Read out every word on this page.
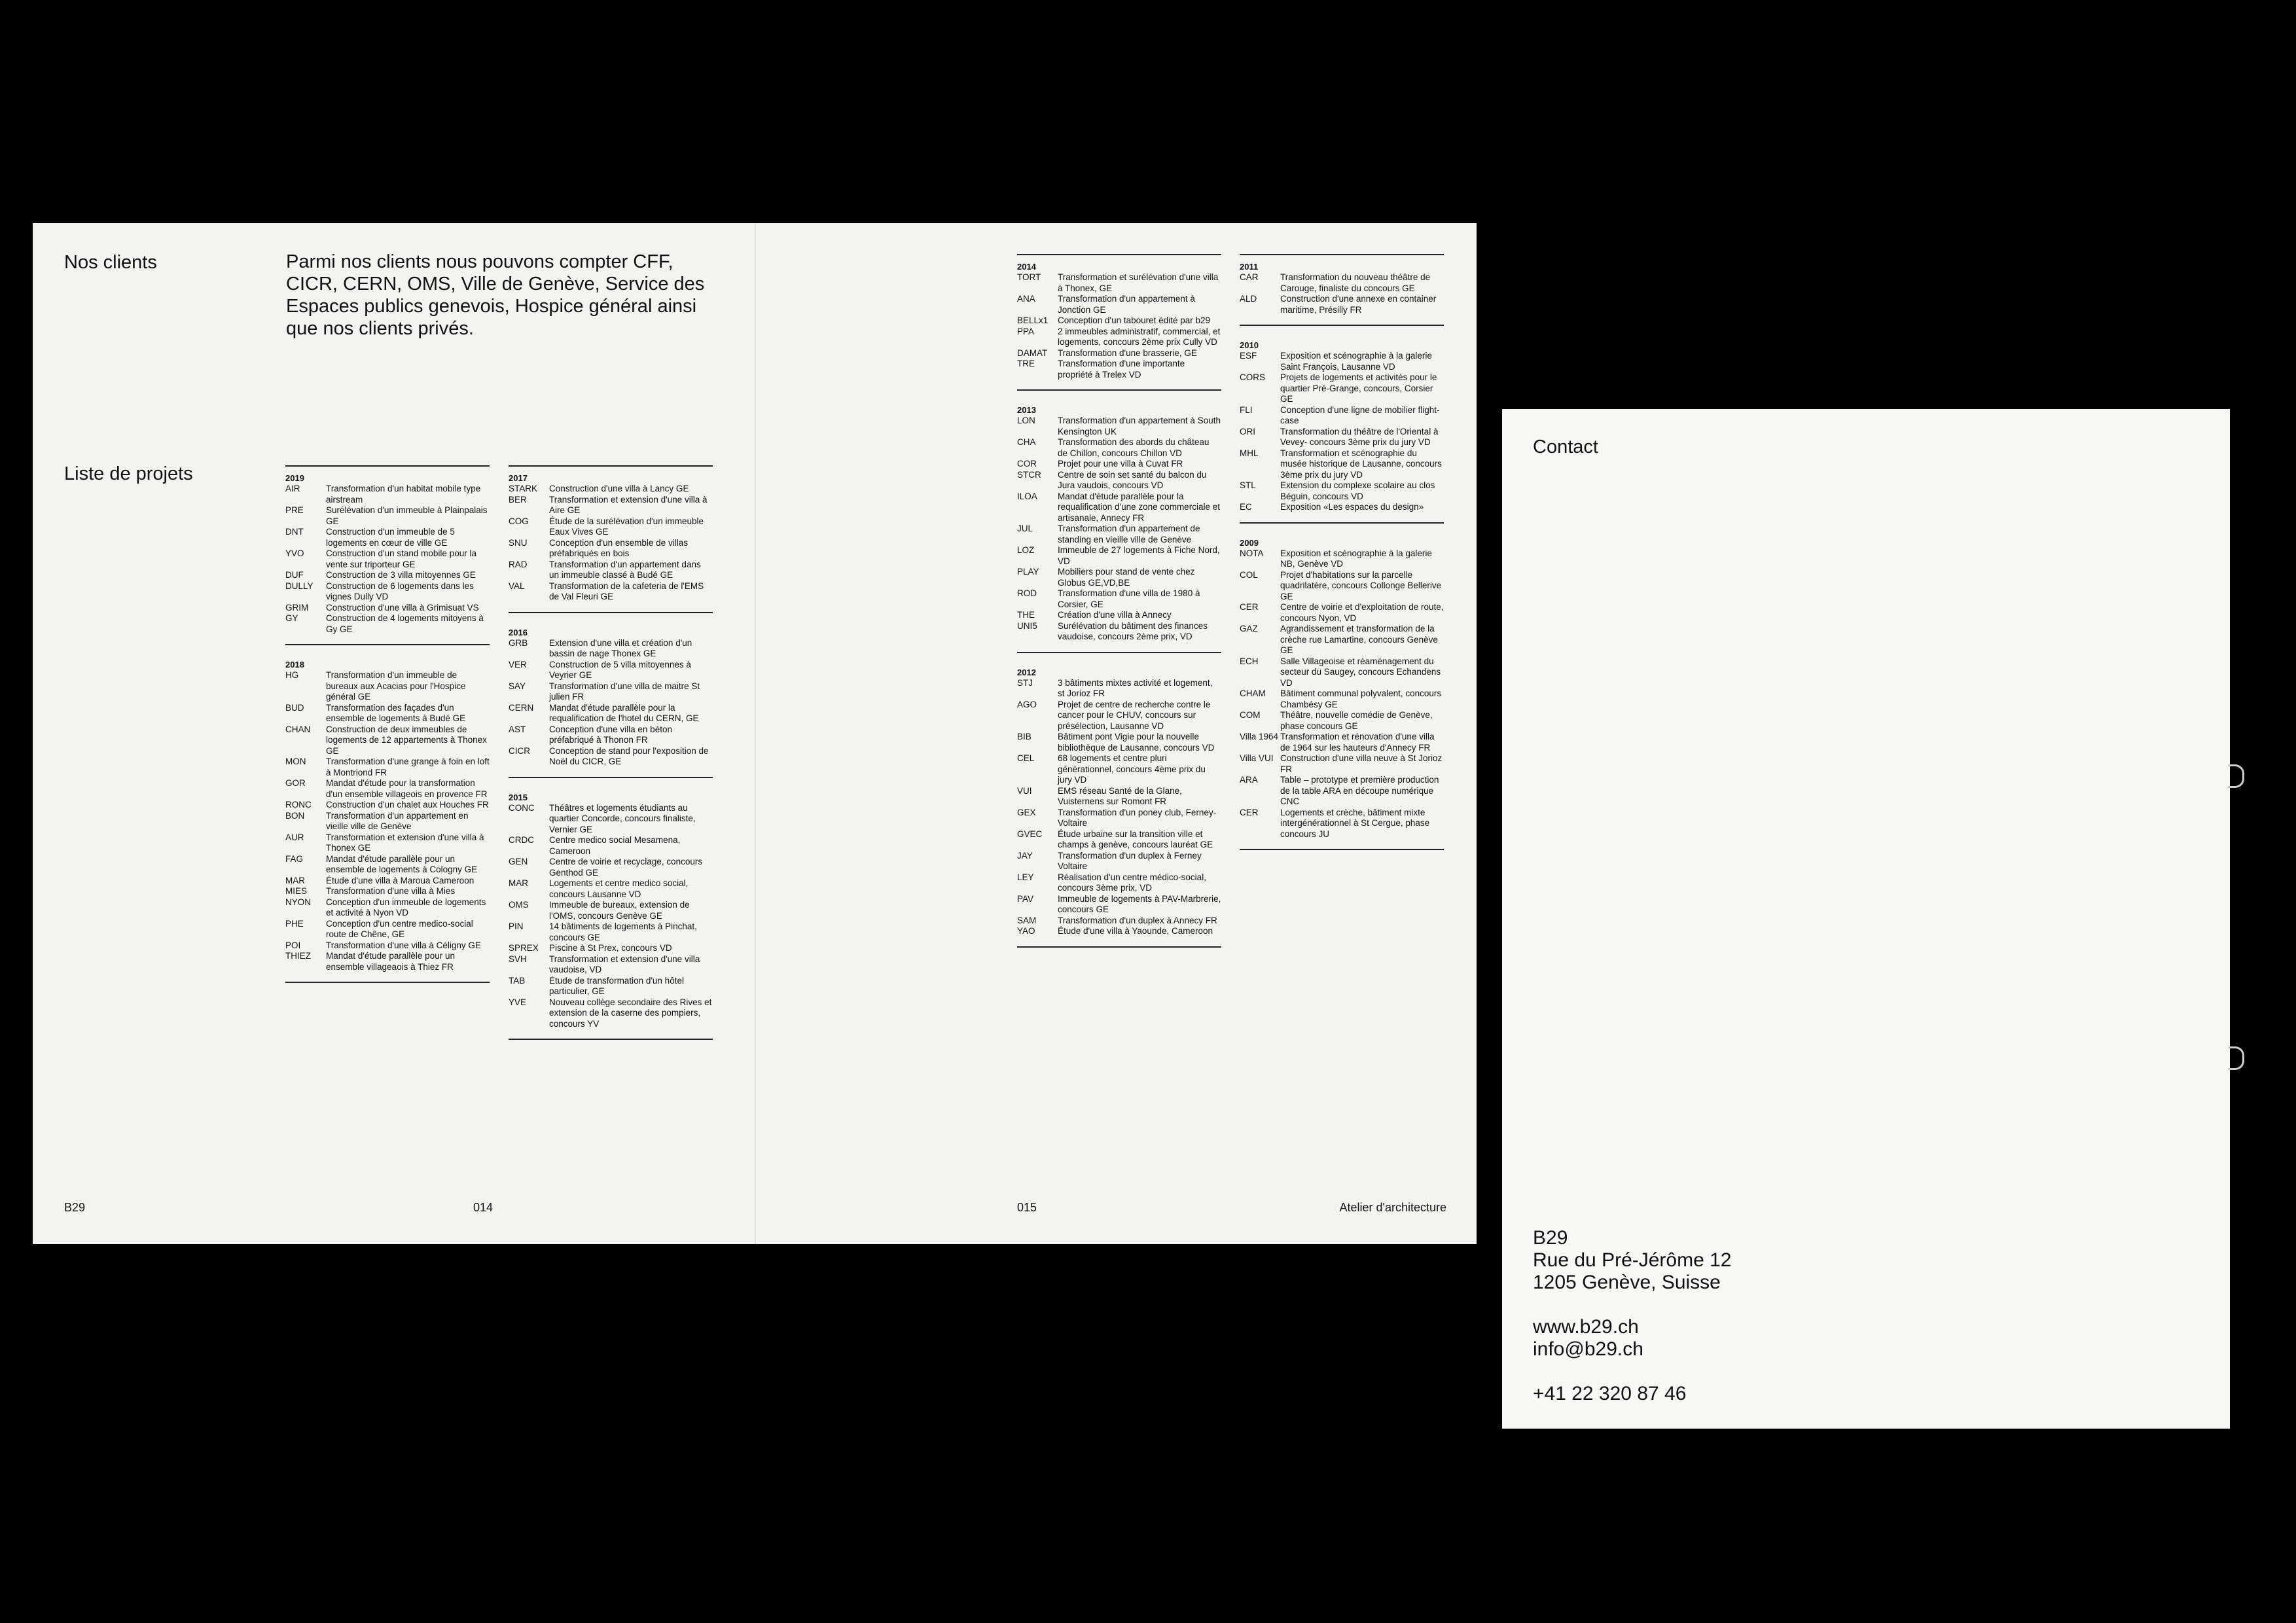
Nos clients	Parmi nos clients nous pouvons compter CFF, CICR, CERN, OMS, Ville de Genève, Service des Espaces publics genevois, Hospice général ainsi que nos clients privés.
Liste de projets	2019
AIR	Transformation d'un habitat mobile type airstream
PRE	Surélévation d'un immeuble à Plainpalais GE
DNT	Construction d'un immeuble de 5 logements en cœur de ville GE
YVO	Construction d'un stand mobile pour la vente sur triporteur GE
DUF	Construction de 3 villa mitoyennes GE
DULLY	Construction de 6 logements dans les vignes Dully VD
GRIM	Construction d'une villa à Grimisuat VS
GY	Construction de 4 logements mitoyens à Gy GE
2018
HG	Transformation d'un immeuble de bureaux aux Acacias pour l'Hospice général GE
BUD	Transformation des façades d'un ensemble de logements à Budé GE
CHAN	Construction de deux immeubles de logements de 12 appartements à Thonex GE
MON	Transformation d'une grange à foin en loft à Montriond FR
GOR	Mandat d'étude pour la transformation d'un ensemble villageois en provence FR
RONC	Construction d'un chalet aux Houches FR
BON	Transformation d'un appartement en vieille ville de Genève
AUR	Transformation et extension d'une villa à Thonex GE
FAG	Mandat d'étude parallèle pour un ensemble de logements à Cologny GE
MAR	Étude d'une villa à Maroua Cameroon
MIES	Transformation d'une villa à Mies
NYON	Conception d'un immeuble de logements et activité à Nyon VD
PHE	Conception d'un centre medico-social route de Chêne, GE
POI	Transformation d'une villa à Céligny GE
THIEZ	Mandat d'étude parallèle pour un ensemble villageaois à Thiez FR
2017
STARK	Construction d'une villa à Lancy GE
BER	Transformation et extension d'une villa à Aire GE
COG	Étude de la surélévation d'un immeuble Eaux Vives GE
SNU	Conception d'un ensemble de villas préfabriqués en bois
RAD	Transformation d'un appartement dans un immeuble classé à Budé GE
VAL	Transformation de la cafeteria de l'EMS de Val Fleuri GE
2016
GRB	Extension d'une villa et création d'un bassin de nage Thonex GE
VER	Construction de 5 villa mitoyennes à Veyrier GE
SAY	Transformation d'une villa de maitre St julien FR
CERN	Mandat d'étude parallèle pour la requalification de l'hotel du CERN, GE
AST	Conception d'une villa en béton préfabriqué à Thonon FR
CICR	Conception de stand pour l'exposition de Noël du CICR, GE
2015
CONC	Théâtres et logements étudiants au quartier Concorde, concours finaliste, Vernier GE
CRDC	Centre medico social Mesamena, Cameroon
GEN	Centre de voirie et recyclage, concours Genthod GE
MAR	Logements et centre medico social, concours Lausanne VD
OMS	Immeuble de bureaux, extension de l'OMS, concours Genève GE
PIN	14 bâtiments de logements à Pinchat, concours GE
SPREX	Piscine à St Prex, concours VD
SVH	Transformation et extension d'une villa vaudoise, VD
TAB	Étude de transformation d'un hôtel particulier, GE
YVE	Nouveau collège secondaire des Rives et extension de la caserne des pompiers, concours YV
2014
TORT	Transformation et surélévation d'une villa à Thonex, GE
ANA	Transformation d'un appartement à Jonction GE
BELLx1	Conception d'un tabouret édité par b29
PPA	2 immeubles administratif, commercial, et logements, concours 2ème prix Cully VD
DAMAT	Transformation d'une brasserie, GE
TRE	Transformation d'une importante propriété à Trelex VD
2013
LON	Transformation d'un appartement à South Kensington UK
CHA	Transformation des abords du château de Chillon, concours Chillon VD
COR	Projet pour une villa à Cuvat FR
STCR	Centre de soin set santé du balcon du Jura vaudois, concours VD
ILOA	Mandat d'étude parallèle pour la requalification d'une zone commerciale et artisanale, Annecy FR
JUL	Transformation d'un appartement de standing en vieille ville de Genève
LOZ	Immeuble de 27 logements à Fiche Nord, VD
PLAY	Mobiliers pour stand de vente chez Globus GE,VD,BE
ROD	Transformation d'une villa de 1980 à Corsier, GE
THE	Création d'une villa à Annecy
UNI5	Surélévation du bâtiment des finances vaudoise, concours 2ème prix, VD
2012
STJ	3 bâtiments mixtes activité et logement, st Jorioz FR
AGO	Projet de centre de recherche contre le cancer pour le CHUV, concours sur présélection, Lausanne VD
BIB	Bâtiment pont Vigie pour la nouvelle bibliothèque de Lausanne, concours VD
CEL	68 logements et centre pluri générationnel, concours 4ème prix du jury VD
VUI	EMS réseau Santé de la Glane, Vuisternens sur Romont FR
GEX	Transformation d'un poney club, Ferney-Voltaire
GVEC	Étude urbaine sur la transition ville et champs à genève, concours lauréat GE
JAY	Transformation d'un duplex à Ferney Voltaire
LEY	Réalisation d'un centre médico-social, concours 3ème prix, VD
PAV	Immeuble de logements à PAV-Marbrerie, concours GE
SAM	Transformation d'un duplex à Annecy FR
YAO	Étude d'une villa à Yaounde, Cameroon
2011
CAR	Transformation du nouveau théâtre de Carouge, finaliste du concours GE
ALD	Construction d'une annexe en container maritime, Présilly FR
2010
ESF	Exposition et scénographie à la galerie Saint François, Lausanne VD
CORS	Projets de logements et activités pour le quartier Pré-Grange, concours, Corsier GE
FLI	Conception d'une ligne de mobilier flight-case
ORI	Transformation du théâtre de l'Oriental à Vevey- concours 3ème prix du jury VD
MHL	Transformation et scénographie du musée historique de Lausanne, concours 3ème prix du jury VD
STL	Extension du complexe scolaire au clos Béguin, concours VD
EC	Exposition «Les espaces du design»
2009
NOTA	Exposition et scénographie à la galerie NB, Genève VD
COL	Projet d'habitations sur la parcelle quadrilatère, concours Collonge Bellerive GE
CER	Centre de voirie et d'exploitation de route, concours Nyon, VD
GAZ	Agrandissement et transformation de la crèche rue Lamartine, concours Genève GE
ECH	Salle Villageoise et réaménagement du secteur du Saugey, concours Echandens VD
CHAM	Bâtiment communal polyvalent, concours Chambésy GE
COM	Théâtre, nouvelle comédie de Genève, phase concours GE
Villa 1964 Transformation et rénovation d'une villa de 1964 sur les hauteurs d'Annecy FR
Villa VUI Construction d'une villa neuve à St Jorioz FR
ARA	Table – prototype et première production de la table ARA en découpe numérique CNC
CER	Logements et crèche, bâtiment mixte intergénérationnel à St Cergue, phase concours JU
B29	014	015	Atelier d'architecture
Contact
B29
Rue du Pré-Jérôme 12
1205 Genève, Suisse
www.b29.ch
info@b29.ch
+41 22 320 87 46
